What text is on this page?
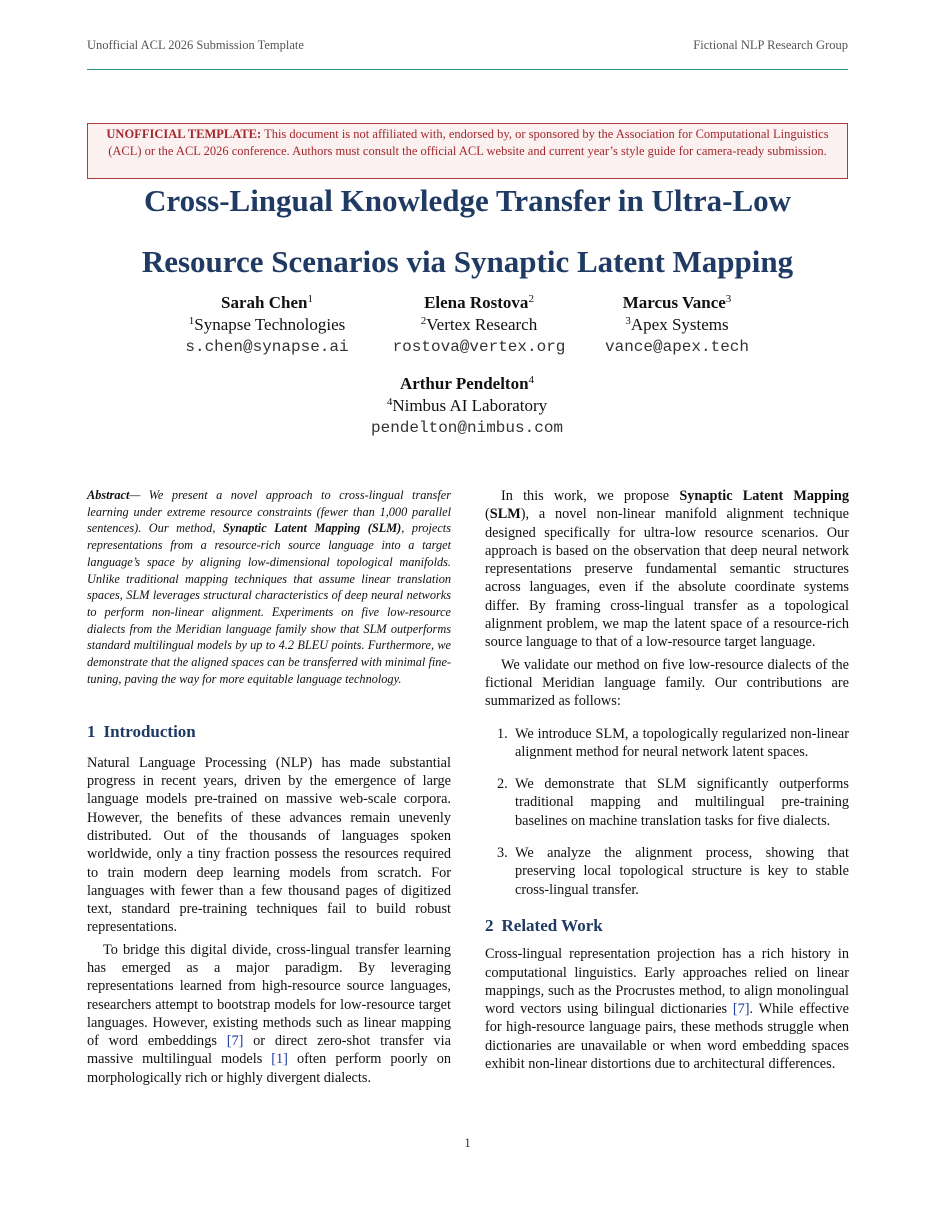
Unofficial ACL 2026 Submission Template	Fictional NLP Research Group
UNOFFICIAL TEMPLATE: This document is not affiliated with, endorsed by, or sponsored by the Association for Computational Linguistics (ACL) or the ACL 2026 conference. Authors must consult the official ACL website and current year’s style guide for camera-ready submission.
Cross-Lingual Knowledge Transfer in Ultra-Low
Resource Scenarios via Synaptic Latent Mapping
Sarah Chen$^1$
$^1$Synapse Technologies
s.chen@synapse.ai
Elena Rostova$^2$
$^2$Vertex Research
rostova@vertex.org
Marcus Vance$^3$
$^3$Apex Systems
vance@apex.tech
Arthur Pendelton$^4$
$^4$Nimbus AI Laboratory
pendelton@nimbus.com

Abstract— We present a novel approach to cross-lingual transfer learning under extreme resource constraints (fewer than 1,000 parallel sentences). Our method, Synaptic Latent Mapping (SLM), projects representations from a resource-rich source language into a target language’s space by aligning low-dimensional topological manifolds. Unlike traditional mapping techniques that assume linear translation spaces, SLM leverages structural characteristics of deep neural networks to perform non-linear alignment. Experiments on five low-resource dialects from the Meridian language family show that SLM outperforms standard multilingual models by up to 4.2 BLEU points. Furthermore, we demonstrate that the aligned spaces can be transferred with minimal fine-tuning, paving the way for more equitable language technology.

1 Introduction

Natural Language Processing (NLP) has made substantial progress in recent years, driven by the emergence of large language models pre-trained on massive web-scale corpora. However, the benefits of these advances remain unevenly distributed. Out of the thousands of languages spoken worldwide, only a tiny fraction possess the resources required to train modern deep learning models from scratch. For languages with fewer than a few thousand pages of digitized text, standard pre-training techniques fail to build robust representations.

To bridge this digital divide, cross-lingual transfer learning has emerged as a major paradigm. By leveraging representations learned from high-resource source languages, researchers attempt to bootstrap models for low-resource target languages. However, existing methods such as linear mapping of word embeddings [7] or direct zero-shot transfer via massive multilingual models [1] often perform poorly on morphologically rich or highly divergent dialects.

In this work, we propose Synaptic Latent Mapping (SLM), a novel non-linear manifold alignment technique designed specifically for ultra-low resource scenarios. Our approach is based on the observation that deep neural network representations preserve fundamental semantic structures across languages, even if the absolute coordinate systems differ. By framing cross-lingual transfer as a topological alignment problem, we map the latent space of a resource-rich source language to that of a low-resource target language.

We validate our method on five low-resource dialects of the fictional Meridian language family. Our contributions are summarized as follows:

1. We introduce SLM, a topologically regularized non-linear alignment method for neural network latent spaces.
2. We demonstrate that SLM significantly outperforms traditional mapping and multilingual pre-training baselines on machine translation tasks for five dialects.
3. We analyze the alignment process, showing that preserving local topological structure is key to stable cross-lingual transfer.
2 Related Work

Cross-lingual representation projection has a rich history in computational linguistics. Early approaches relied on linear mappings, such as the Procrustes method, to align monolingual word vectors using bilingual dictionaries [7]. While effective for high-resource language pairs, these methods struggle when dictionaries are unavailable or when word embedding spaces exhibit non-linear distortions due to architectural differences.

1
